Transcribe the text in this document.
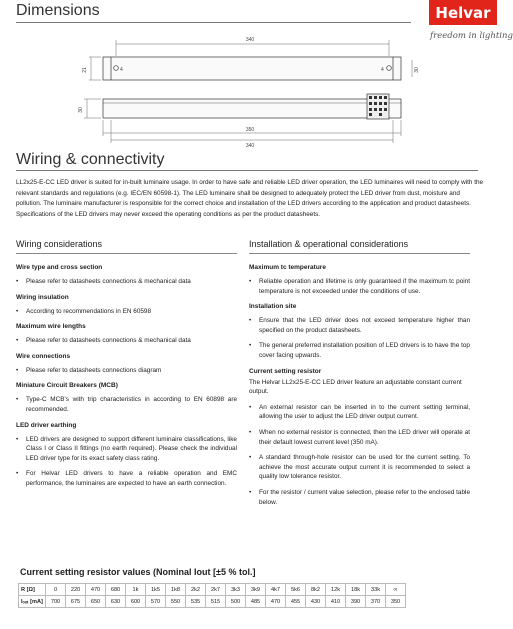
Dimensions	Helvar
freedom in lighting
340
21	30
4	4
30
350
340
Wiring & connectivity
LL2x25-E-CC LED driver is suited for in-built luminaire usage. In order to have safe and reliable LED driver operation, the LED luminaires will need to comply with the relevant standards and regulations (e.g. IEC/EN 60598-1). The LED luminaire shall be designed to adequately protect the LED driver from dust, moisture and pollution. The luminaire manufacturer is responsible for the correct choice and installation of the LED drivers according to the application and product datasheets. Specifications of the LED drivers may never exceed the operating conditions as per the product datasheets.
Wiring considerations
Wire type and cross section
•	Please refer to datasheets connections & mechanical data
Wiring insulation
•	According to recommendations in EN 60598
Maximum wire lengths
•	Please refer to datasheets connections & mechanical data
Wire connections
•	Please refer to datasheets connections diagram
Miniature Circuit Breakers (MCB)
•	Type-C MCB's with trip characteristics in according to EN 60898 are recommended.
LED driver earthing
•	LED drivers are designed to support different luminaire classifications, like Class I or Class II fittings (no earth required). Please check the individual LED driver type for its exact safety class rating.
•	For Helvar LED drivers to have a reliable operation and EMC performance, the luminaires are expected to have an earth connection.
Installation & operational considerations
Maximum tc temperature
•	Reliable operation and lifetime is only guaranteed if the maximum tc point temperature is not exceeded under the conditions of use.
Installation site
•	Ensure that the LED driver does not exceed temperature higher than specified on the product datasheets.
•	The general preferred installation position of LED drivers is to have the top cover facing upwards.
Current setting resistor
The Helvar LL2x25-E-CC LED driver feature an adjustable constant current output.
•	An external resistor can be inserted in to the current setting terminal, allowing the user to adjust the LED driver output current.
•	When no external resistor is connected, then the LED driver will operate at their default lowest current level (350 mA).
•	A standard through-hole resistor can be used for the current setting. To achieve the most accurate output current it is recommended to select a quality low tolerance resistor.
•	For the resistor / current value selection, please refer to the enclosed table below.
Current setting resistor values (Nominal Iout [±5 % tol.]
R [Ω]	0	220	470	680	1k	1k5	1k8	2k2	2k7	3k3	3k9	4k7	5k6	8k2	12k	18k	33k	∞
Iₒᵤₜ [mA]	700	675	650	630	600	570	550	535	515	500	485	470	455	430	410	390	370	350
